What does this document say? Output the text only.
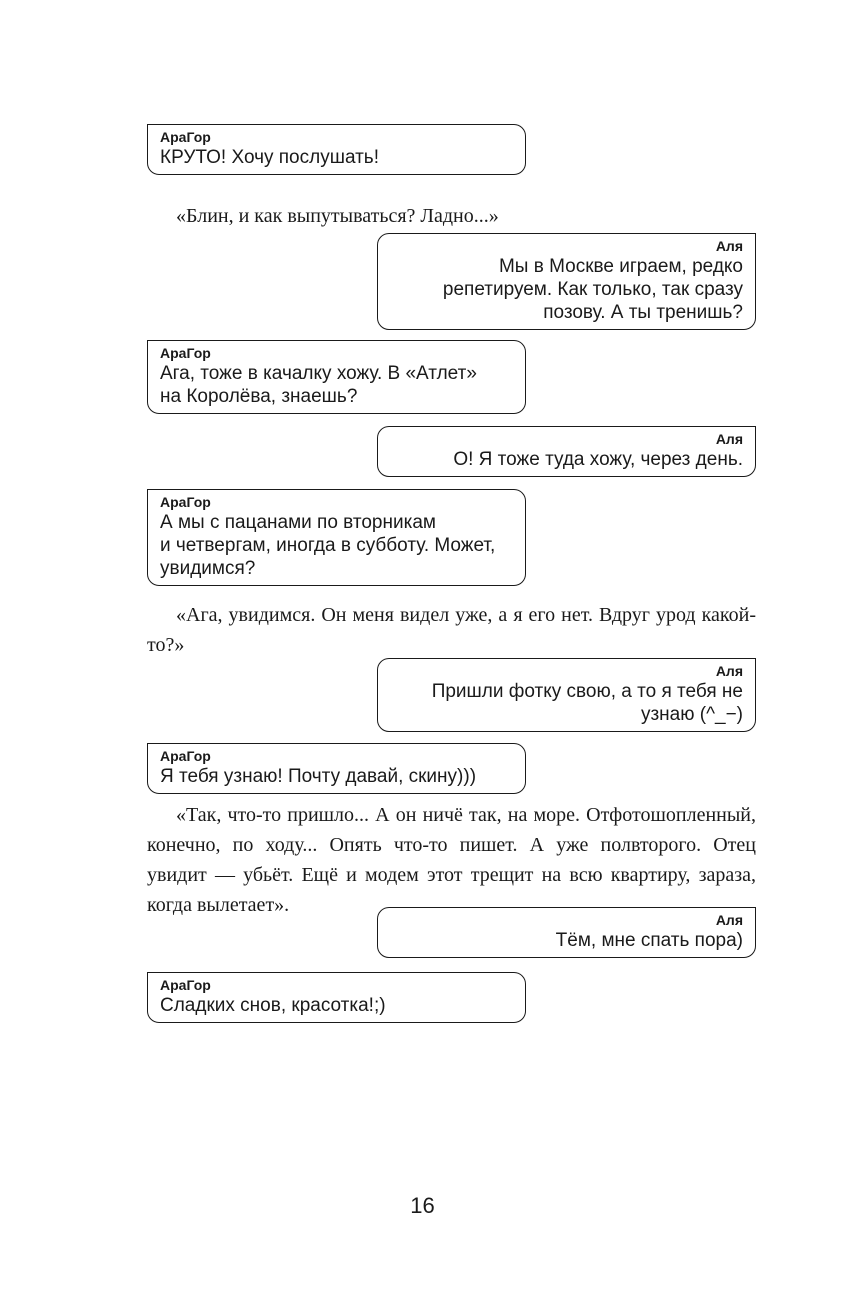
АраГор
КРУТО! Хочу послушать!

«Блин, и как выпутываться? Ладно...»

Аля
Мы в Москве играем, редко
репетируем. Как только, так сразу
позову. А ты тренишь?
АраГор
Ага, тоже в качалку хожу. В «Атлет»
на Королёва, знаешь?
Аля
О! Я тоже туда хожу, через день.
АраГор
А мы с пацанами по вторникам
и четвергам, иногда в субботу. Может,
увидимся?

«Ага, увидимся. Он меня видел уже, а я его нет. Вдруг урод какой-то?»

Аля
Пришли фотку свою, а то я тебя не
узнаю (^_−)
АраГор
Я тебя узнаю! Почту давай, скину)))

«Так, что-то пришло... А он ничё так, на море. Отфотошопленный, конечно, по ходу... Опять что-то пишет. А уже полвторого. Отец увидит — убьёт. Ещё и модем этот трещит на всю квартиру, зараза, когда вылетает».

Аля
Тём, мне спать пора)
АраГор
Сладких снов, красотка!;)
16
